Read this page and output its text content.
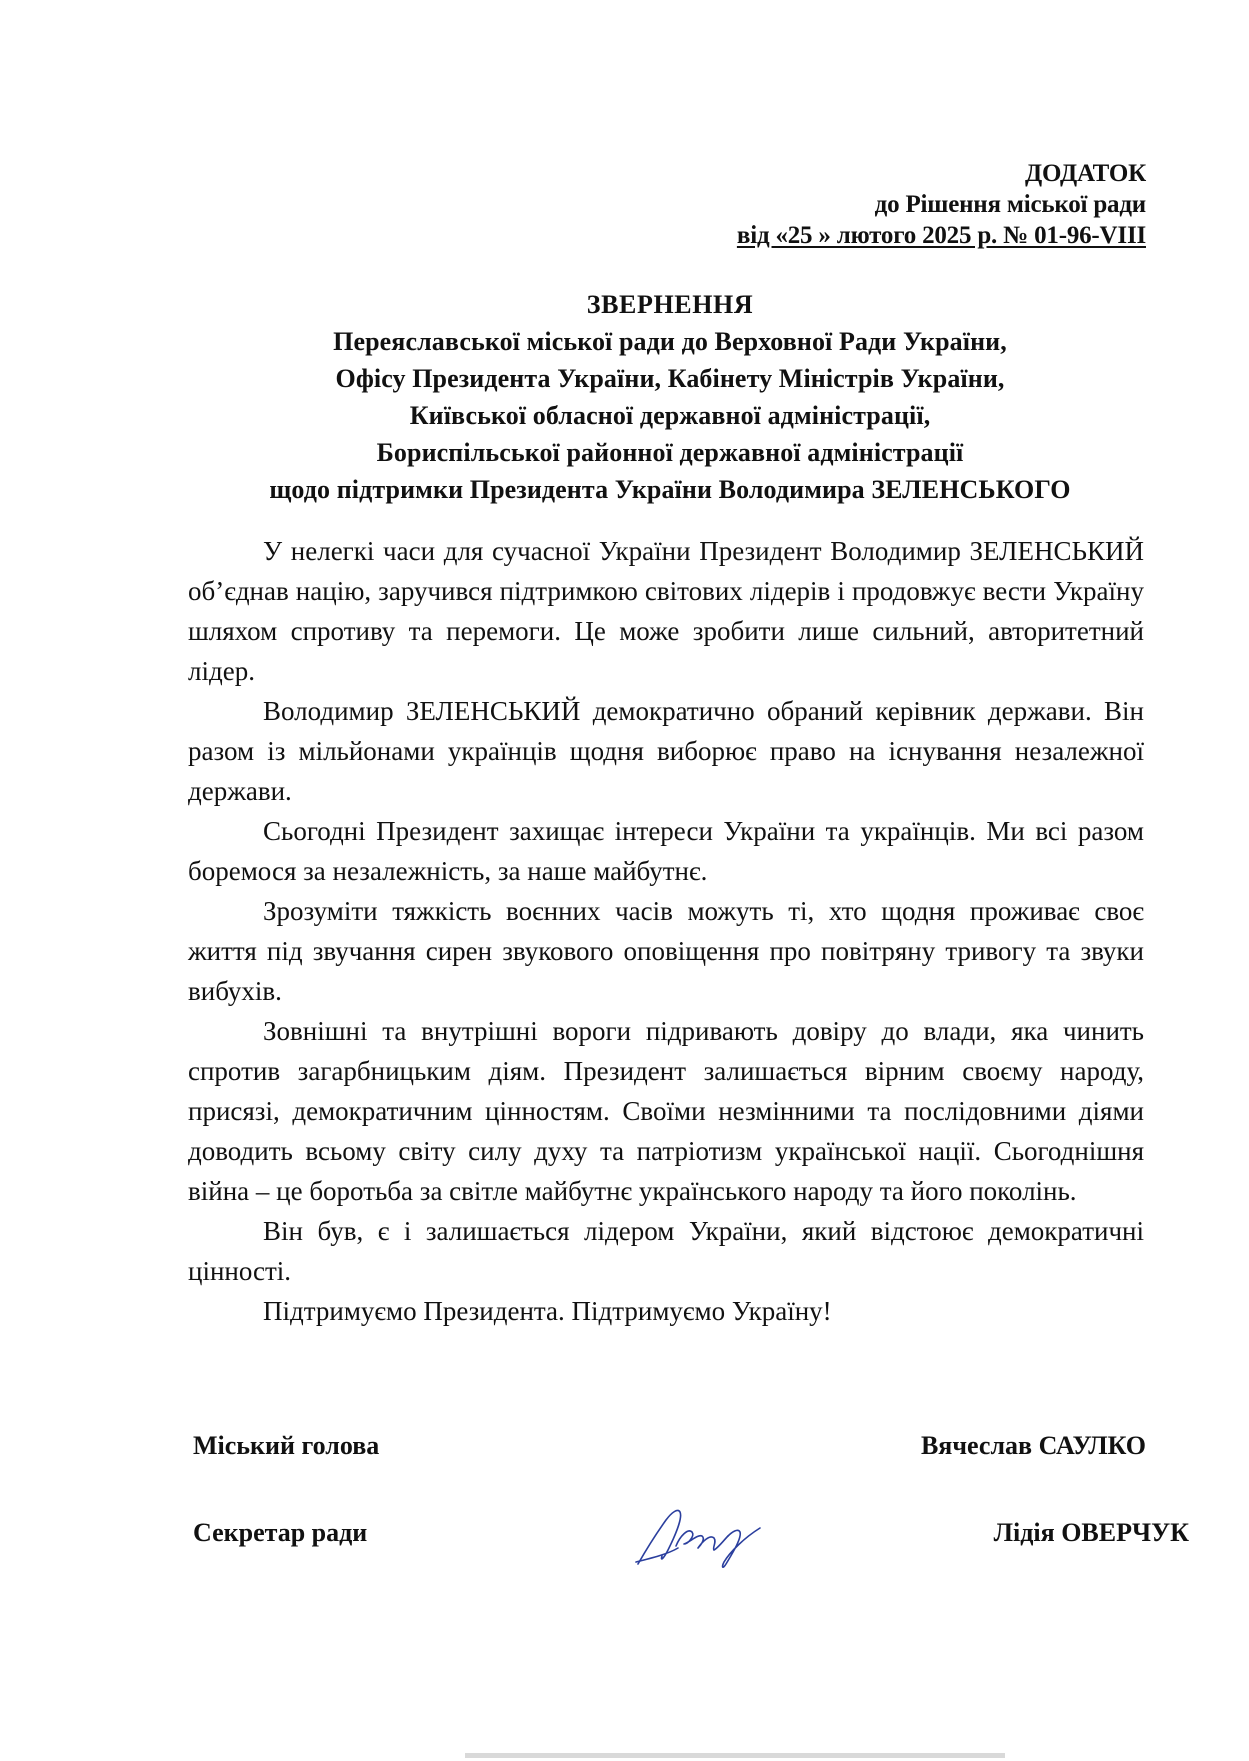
ДОДАТОК
до Рішення міської ради
від «25 » лютого 2025 р. № 01-96-VIII
ЗВЕРНЕННЯ
Переяславської міської ради до Верховної Ради України,
Офісу Президента України, Кабінету Міністрів України,
Київської обласної державної адміністрації,
Бориспільської районної державної адміністрації
щодо підтримки Президента України Володимира ЗЕЛЕНСЬКОГО

У нелегкі часи для сучасної України Президент Володимир ЗЕЛЕНСЬКИЙ об’єднав націю, заручився підтримкою світових лідерів і продовжує вести Україну шляхом спротиву та перемоги. Це може зробити лише сильний, авторитетний лідер.

Володимир ЗЕЛЕНСЬКИЙ демократично обраний керівник держави. Він разом із мільйонами українців щодня виборює право на існування незалежної держави.

Сьогодні Президент захищає інтереси України та українців. Ми всі разом боремося за незалежність, за наше майбутнє.

Зрозуміти тяжкість воєнних часів можуть ті, хто щодня проживає своє життя під звучання сирен звукового оповіщення про повітряну тривогу та звуки вибухів.

Зовнішні та внутрішні вороги підривають довіру до влади, яка чинить спротив загарбницьким діям. Президент залишається вірним своєму народу, присязі, демократичним цінностям. Своїми незмінними та послідовними діями доводить всьому світу силу духу та патріотизм української нації. Сьогоднішня війна – це боротьба за світле майбутнє українського народу та його поколінь.

Він був, є і залишається лідером України, який відстоює демократичні цінності.

Підтримуємо Президента. Підтримуємо Україну!

Міський голова	Вячеслав САУЛКО
Секретар ради	Лідія ОВЕРЧУК
